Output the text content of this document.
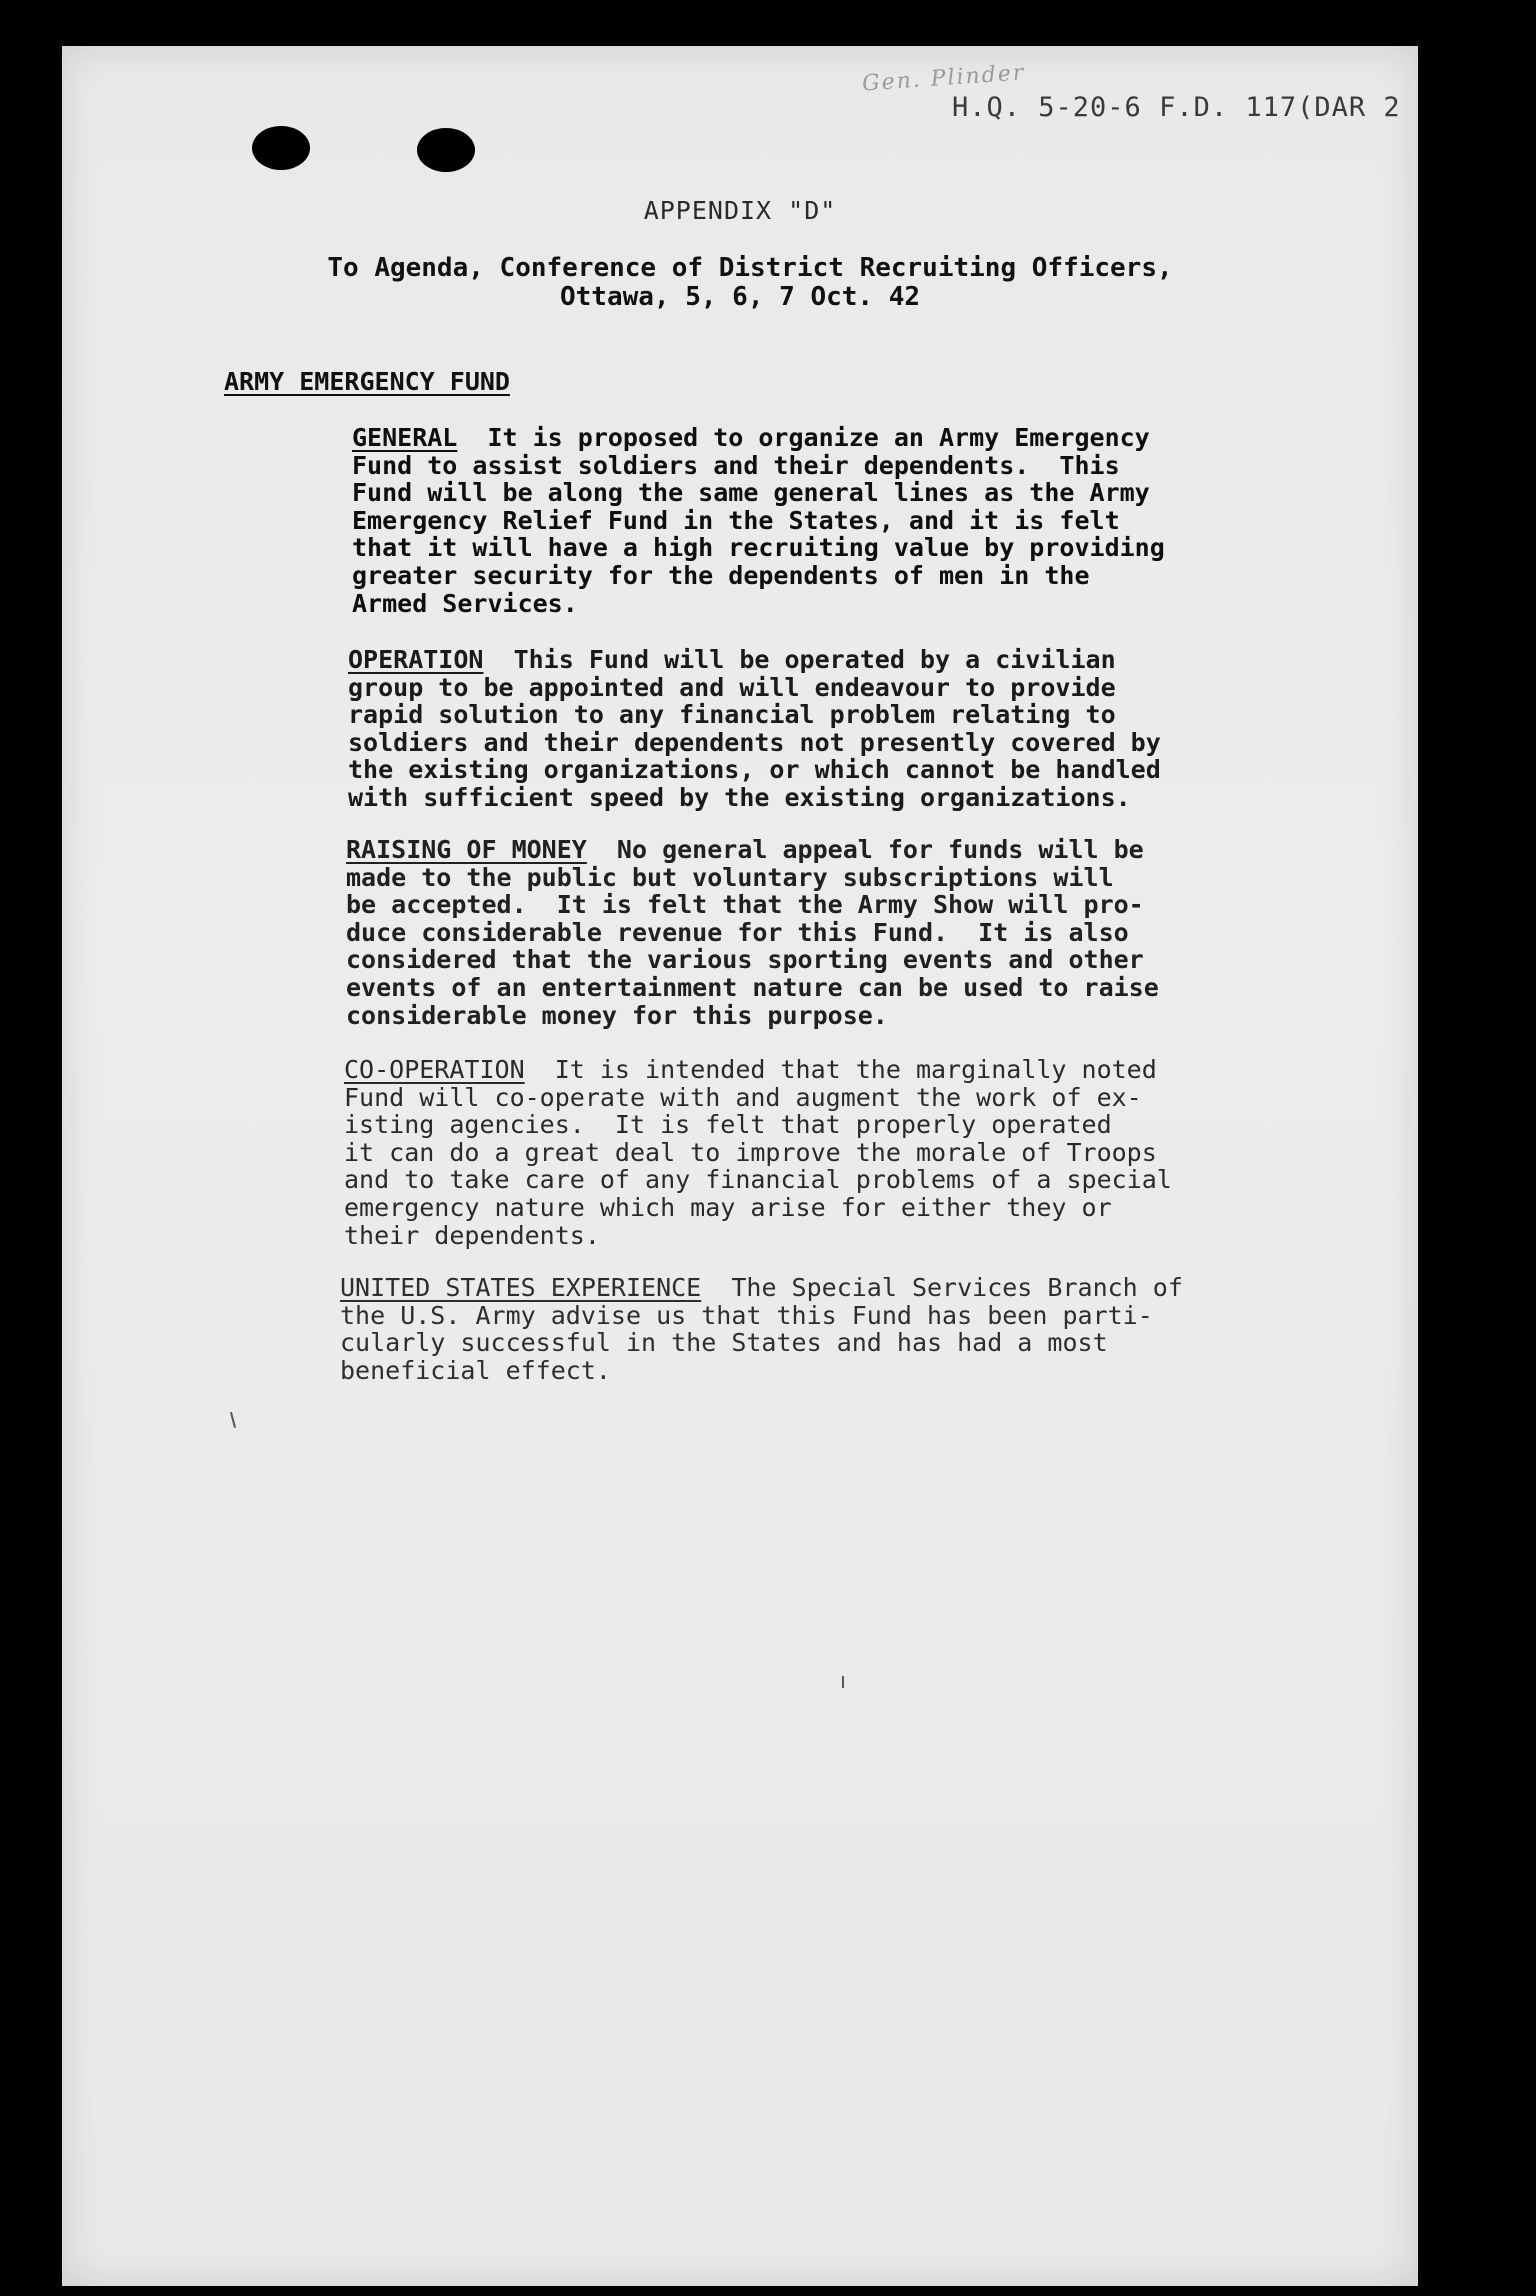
Gen. Plinder
H.Q. 5-20-6 F.D. 117(DAR 2
APPENDIX "D"
To Agenda, Conference of District Recruiting Officers,
Ottawa, 5, 6, 7 Oct. 42
ARMY EMERGENCY FUND
GENERAL  It is proposed to organize an Army Emergency
Fund to assist soldiers and their dependents.  This
Fund will be along the same general lines as the Army
Emergency Relief Fund in the States, and it is felt
that it will have a high recruiting value by providing
greater security for the dependents of men in the
Armed Services.
OPERATION  This Fund will be operated by a civilian
group to be appointed and will endeavour to provide
rapid solution to any financial problem relating to
soldiers and their dependents not presently covered by
the existing organizations, or which cannot be handled
with sufficient speed by the existing organizations.
RAISING OF MONEY  No general appeal for funds will be
made to the public but voluntary subscriptions will
be accepted.  It is felt that the Army Show will pro-
duce considerable revenue for this Fund.  It is also
considered that the various sporting events and other
events of an entertainment nature can be used to raise
considerable money for this purpose.
CO-OPERATION  It is intended that the marginally noted
Fund will co-operate with and augment the work of ex-
isting agencies.  It is felt that properly operated
it can do a great deal to improve the morale of Troops
and to take care of any financial problems of a special
emergency nature which may arise for either they or
their dependents.
UNITED STATES EXPERIENCE  The Special Services Branch of
the U.S. Army advise us that this Fund has been parti-
cularly successful in the States and has had a most
beneficial effect.
